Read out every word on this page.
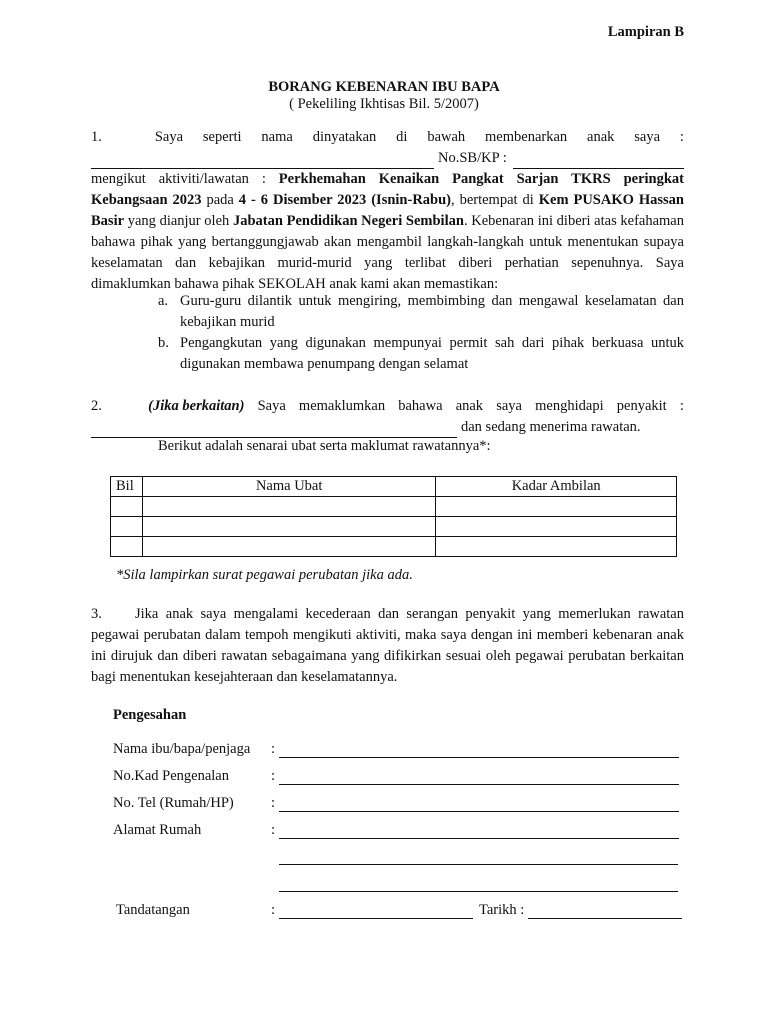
Lampiran B
BORANG KEBENARAN IBU BAPA
( Pekeliling Ikhtisas Bil. 5/2007)
1.	Saya seperti nama dinyatakan di bawah membenarkan anak saya :
No.SB/KP :
mengikut aktiviti/lawatan : Perkhemahan Kenaikan Pangkat Sarjan TKRS peringkat Kebangsaan 2023 pada 4 - 6 Disember 2023 (Isnin-Rabu), bertempat di Kem PUSAKO Hassan Basir yang dianjur oleh Jabatan Pendidikan Negeri Sembilan. Kebenaran ini diberi atas kefahaman bahawa pihak yang bertanggungjawab akan mengambil langkah-langkah untuk menentukan supaya keselamatan dan kebajikan murid-murid yang terlibat diberi perhatian sepenuhnya. Saya dimaklumkan bahawa pihak SEKOLAH anak kami akan memastikan:
a. Guru-guru dilantik untuk mengiring, membimbing dan mengawal keselamatan dan kebajikan murid
b. Pengangkutan yang digunakan mempunyai permit sah dari pihak berkuasa untuk digunakan membawa penumpang dengan selamat
2.	(Jika berkaitan) Saya memaklumkan bahawa anak saya menghidapi penyakit :
dan sedang menerima rawatan.
Berikut adalah senarai ubat serta maklumat rawatannya*:
Bil	Nama Ubat	Kadar Ambilan

*Sila lampirkan surat pegawai perubatan jika ada.
3. Jika anak saya mengalami kecederaan dan serangan penyakit yang memerlukan rawatan pegawai perubatan dalam tempoh mengikuti aktiviti, maka saya dengan ini memberi kebenaran anak ini dirujuk dan diberi rawatan sebagaimana yang difikirkan sesuai oleh pegawai perubatan berkaitan bagi menentukan kesejahteraan dan keselamatannya.
Pengesahan
Nama ibu/bapa/penjaga	:
No.Kad Pengenalan	:
No. Tel (Rumah/HP)	:
Alamat Rumah	:
Tandatangan	:	Tarikh :
